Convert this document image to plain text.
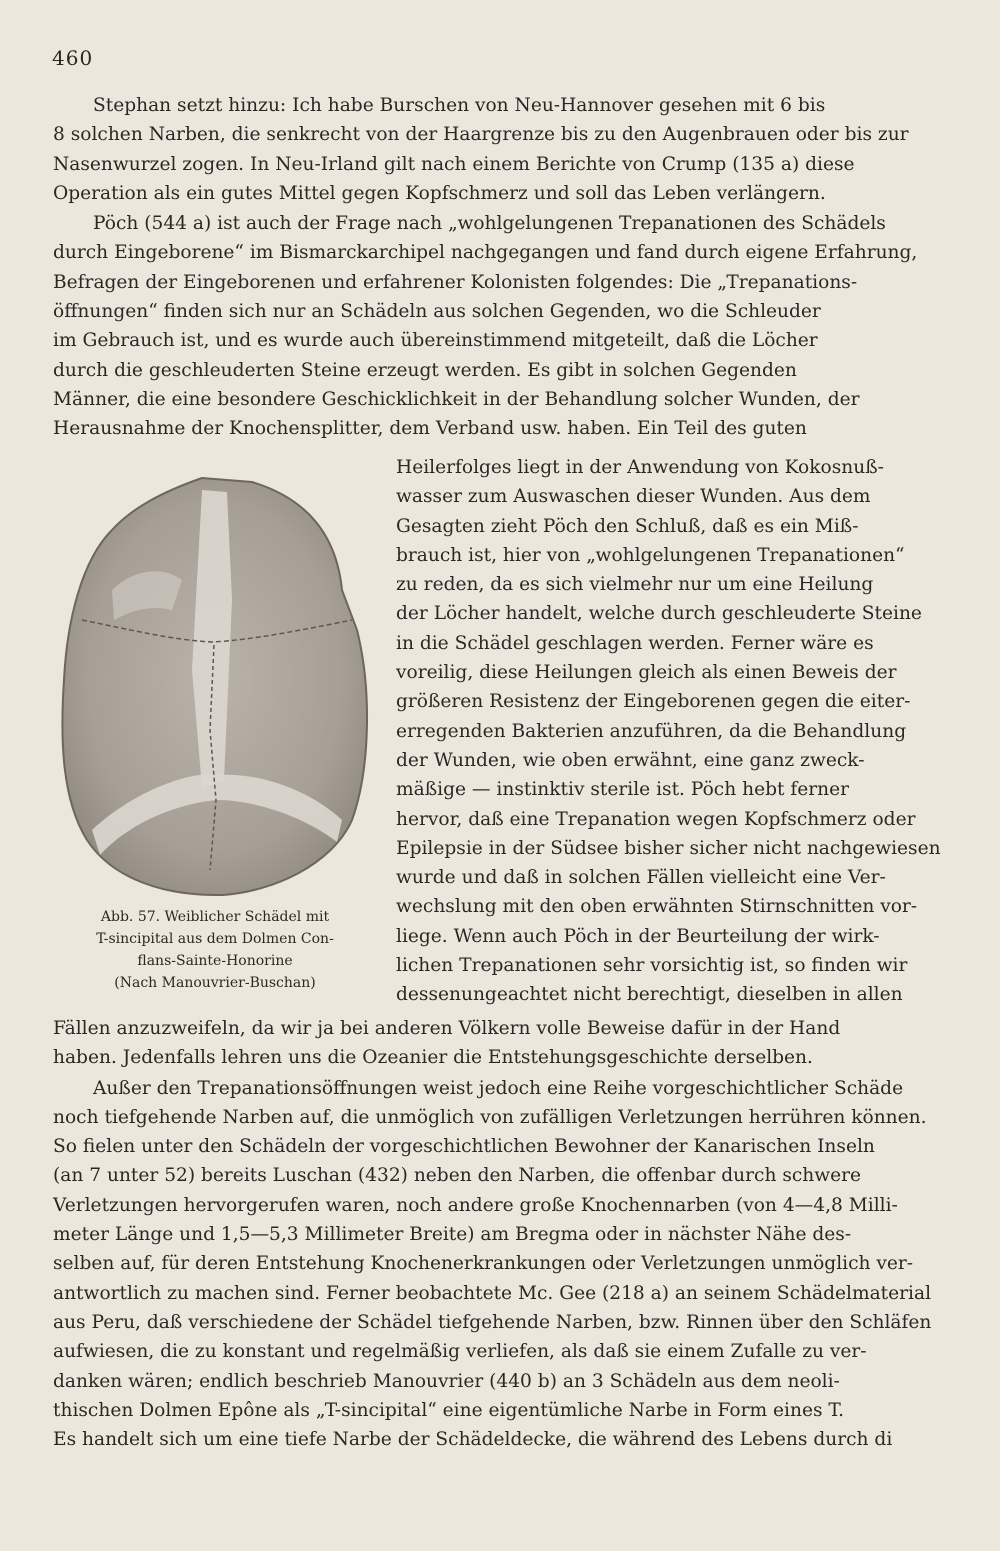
460
Stephan setzt hinzu: Ich habe Burschen von Neu-Hannover gesehen mit 6 bis
8 solchen Narben, die senkrecht von der Haargrenze bis zu den Augenbrauen oder bis zur
Nasenwurzel zogen. In Neu-Irland gilt nach einem Berichte von Crump (135 a) diese
Operation als ein gutes Mittel gegen Kopfschmerz und soll das Leben verlängern.
Pöch (544 a) ist auch der Frage nach „wohlgelungenen Trepanationen des Schädels
durch Eingeborene“ im Bismarckarchipel nachgegangen und fand durch eigene Erfahrung,
Befragen der Eingeborenen und erfahrener Kolonisten folgendes: Die „Trepanations-
öffnungen“ finden sich nur an Schädeln aus solchen Gegenden, wo die Schleuder
im Gebrauch ist, und es wurde auch übereinstimmend mitgeteilt, daß die Löcher
durch die geschleuderten Steine erzeugt werden. Es gibt in solchen Gegenden
Männer, die eine besondere Geschicklichkeit in der Behandlung solcher Wunden, der
Herausnahme der Knochensplitter, dem Verband usw. haben. Ein Teil des guten
Abb. 57. Weiblicher Schädel mit
T-sincipital aus dem Dolmen Con-
flans-Sainte-Honorine
(Nach Manouvrier-Buschan)
Heilerfolges liegt in der Anwendung von Kokosnuß-
wasser zum Auswaschen dieser Wunden. Aus dem
Gesagten zieht Pöch den Schluß, daß es ein Miß-
brauch ist, hier von „wohlgelungenen Trepanationen“
zu reden, da es sich vielmehr nur um eine Heilung
der Löcher handelt, welche durch geschleuderte Steine
in die Schädel geschlagen werden. Ferner wäre es
voreilig, diese Heilungen gleich als einen Beweis der
größeren Resistenz der Eingeborenen gegen die eiter-
erregenden Bakterien anzuführen, da die Behandlung
der Wunden, wie oben erwähnt, eine ganz zweck-
mäßige — instinktiv sterile ist. Pöch hebt ferner
hervor, daß eine Trepanation wegen Kopfschmerz oder
Epilepsie in der Südsee bisher sicher nicht nachgewiesen
wurde und daß in solchen Fällen vielleicht eine Ver-
wechslung mit den oben erwähnten Stirnschnitten vor-
liege. Wenn auch Pöch in der Beurteilung der wirk-
lichen Trepanationen sehr vorsichtig ist, so finden wir
dessenungeachtet nicht berechtigt, dieselben in allen
Fällen anzuzweifeln, da wir ja bei anderen Völkern volle Beweise dafür in der Hand
haben. Jedenfalls lehren uns die Ozeanier die Entstehungsgeschichte derselben.
Außer den Trepanationsöffnungen weist jedoch eine Reihe vorgeschichtlicher Schäde
noch tiefgehende Narben auf, die unmöglich von zufälligen Verletzungen herrühren können.
So fielen unter den Schädeln der vorgeschichtlichen Bewohner der Kanarischen Inseln
(an 7 unter 52) bereits Luschan (432) neben den Narben, die offenbar durch schwere
Verletzungen hervorgerufen waren, noch andere große Knochennarben (von 4—4,8 Milli-
meter Länge und 1,5—5,3 Millimeter Breite) am Bregma oder in nächster Nähe des-
selben auf, für deren Entstehung Knochenerkrankungen oder Verletzungen unmöglich ver-
antwortlich zu machen sind. Ferner beobachtete Mc. Gee (218 a) an seinem Schädelmaterial
aus Peru, daß verschiedene der Schädel tiefgehende Narben, bzw. Rinnen über den Schläfen
aufwiesen, die zu konstant und regelmäßig verliefen, als daß sie einem Zufalle zu ver-
danken wären; endlich beschrieb Manouvrier (440 b) an 3 Schädeln aus dem neoli-
thischen Dolmen Epône als „T-sincipital“ eine eigentümliche Narbe in Form eines T.
Es handelt sich um eine tiefe Narbe der Schädeldecke, die während des Lebens durch di
